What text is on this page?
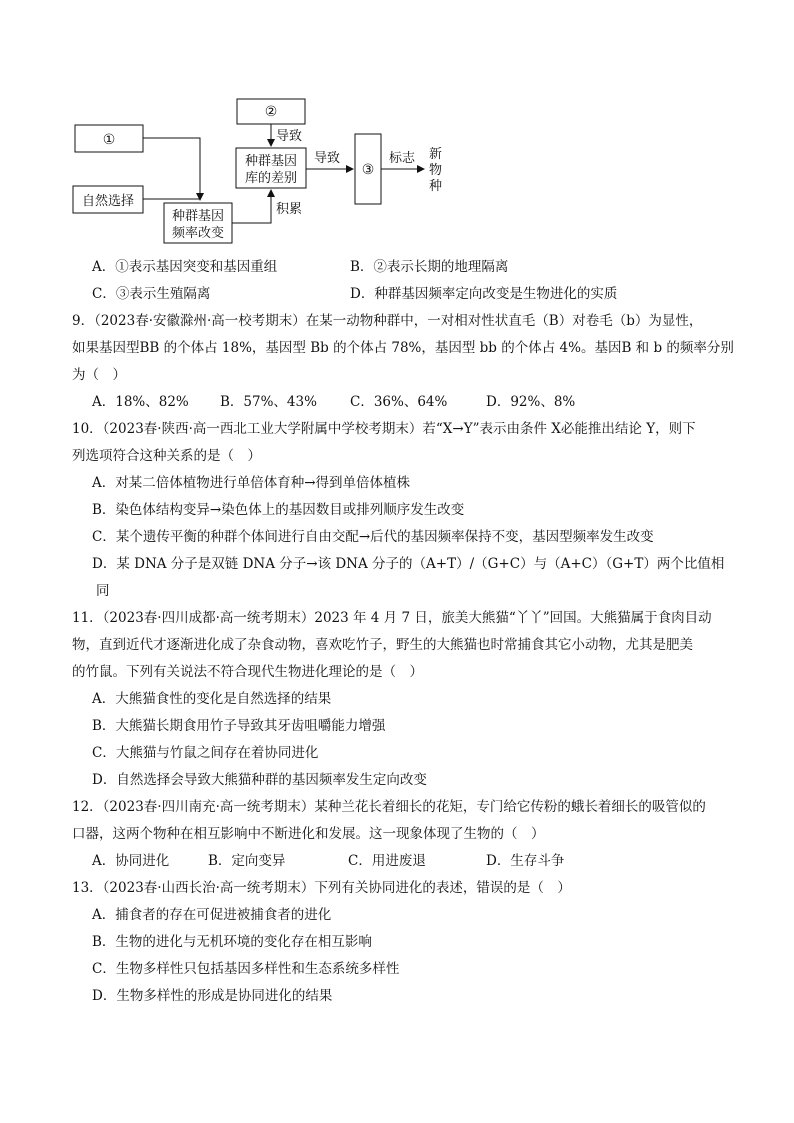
①
自然选择
种群基因
频率改变
②
种群基因
库的差别
③
导致
积累
导致	标志 新
物
种
A．①表示基因突变和基因重组	B．②表示长期的地理隔离
C．③表示生殖隔离	D．种群基因频率定向改变是生物进化的实质
9．（2023春·安徽滁州·高一校考期末）在某一动物种群中，一对相对性状直毛（B）对卷毛（b）为显性，
如果基因型BB 的个体占 18%，基因型 Bb 的个体占 78%，基因型 bb 的个体占 4%。基因B 和 b 的频率分别
为（　）
A．18%、82% B．57%、43% C．36%、64%	D．92%、8%
10．（2023春·陕西·高一西北工业大学附属中学校考期末）若“X→Y”表示由条件 X必能推出结论 Y，则下
列选项符合这种关系的是（　）
A．对某二倍体植物进行单倍体育种→得到单倍体植株
B．染色体结构变异→染色体上的基因数目或排列顺序发生改变
C．某个遗传平衡的种群个体间进行自由交配→后代的基因频率保持不变，基因型频率发生改变
D．某 DNA 分子是双链 DNA 分子→该 DNA 分子的（A+T）/（G+C）与（A+C）（G+T）两个比值相
同
11．（2023春·四川成都·高一统考期末）2023 年 4 月 7 日，旅美大熊猫“丫丫”回国。大熊猫属于食肉目动
物，直到近代才逐渐进化成了杂食动物，喜欢吃竹子，野生的大熊猫也时常捕食其它小动物，尤其是肥美
的竹鼠。下列有关说法不符合现代生物进化理论的是（　）
A．大熊猫食性的变化是自然选择的结果
B．大熊猫长期食用竹子导致其牙齿咀嚼能力增强
C．大熊猫与竹鼠之间存在着协同进化
D．自然选择会导致大熊猫种群的基因频率发生定向改变
12．（2023春·四川南充·高一统考期末）某种兰花长着细长的花矩，专门给它传粉的蛾长着细长的吸管似的
口器，这两个物种在相互影响中不断进化和发展。这一现象体现了生物的（　）
A．协同进化	B．定向变异	C．用进废退	D．生存斗争
13．（2023春·山西长治·高一统考期末）下列有关协同进化的表述，错误的是（　）
A．捕食者的存在可促进被捕食者的进化
B．生物的进化与无机环境的变化存在相互影响
C．生物多样性只包括基因多样性和生态系统多样性
D．生物多样性的形成是协同进化的结果
